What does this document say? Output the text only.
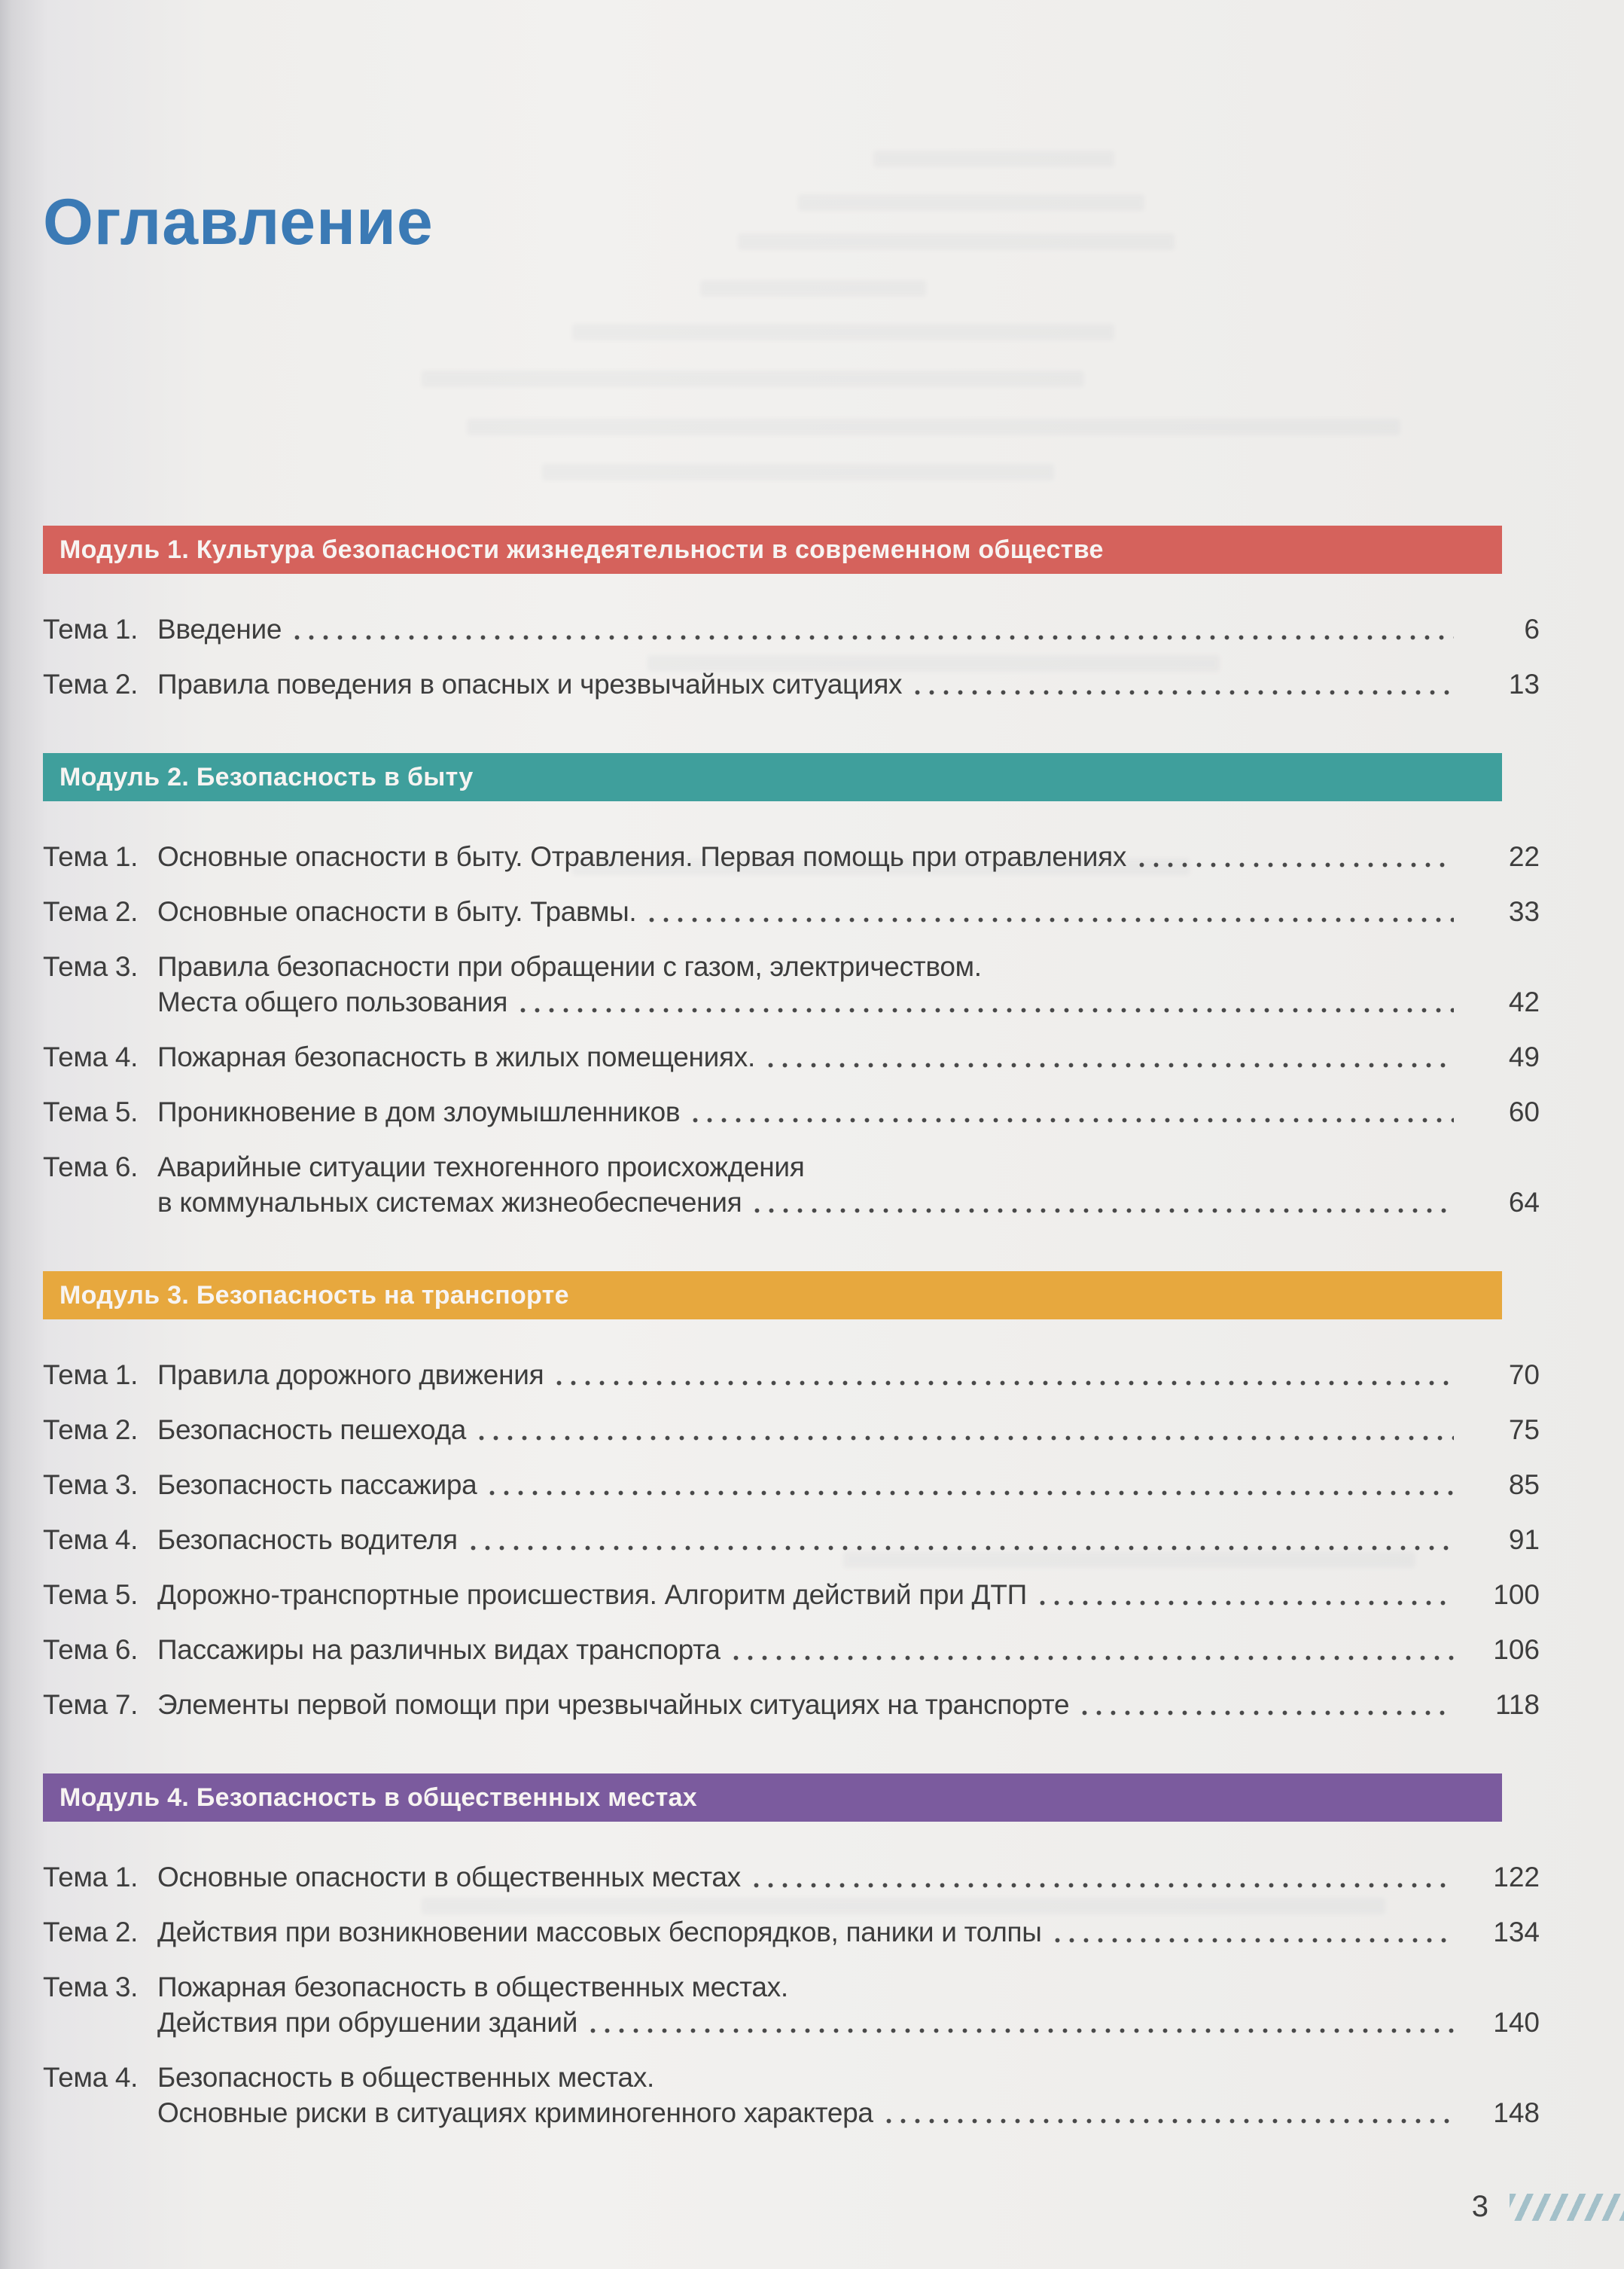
Оглавление
Модуль 1. Культура безопасности жизнедеятельности в современном обществе
Тема 1. Введение	6
Тема 2. Правила поведения в опасных и чрезвычайных ситуациях	13
Модуль 2. Безопасность в быту
Тема 1. Основные опасности в быту. Отравления. Первая помощь при отравлениях	22
Тема 2. Основные опасности в быту. Травмы.	33
Тема 3. Правила безопасности при обращении с газом, электричеством.
Места общего пользования	42
Тема 4. Пожарная безопасность в жилых помещениях.	49
Тема 5. Проникновение в дом злоумышленников	60
Тема 6. Аварийные ситуации техногенного происхождения
в коммунальных системах жизнеобеспечения	64
Модуль 3. Безопасность на транспорте
Тема 1. Правила дорожного движения	70
Тема 2. Безопасность пешехода	75
Тема 3. Безопасность пассажира	85
Тема 4. Безопасность водителя	91
Тема 5. Дорожно-транспортные происшествия. Алгоритм действий при ДТП	100
Тема 6. Пассажиры на различных видах транспорта	106
Тема 7. Элементы первой помощи при чрезвычайных ситуациях на транспорте	118
Модуль 4. Безопасность в общественных местах
Тема 1. Основные опасности в общественных местах	122
Тема 2. Действия при возникновении массовых беспорядков, паники и толпы	134
Тема 3. Пожарная безопасность в общественных местах.
Действия при обрушении зданий	140
Тема 4. Безопасность в общественных местах.
Основные риски в ситуациях криминогенного характера	148
3
